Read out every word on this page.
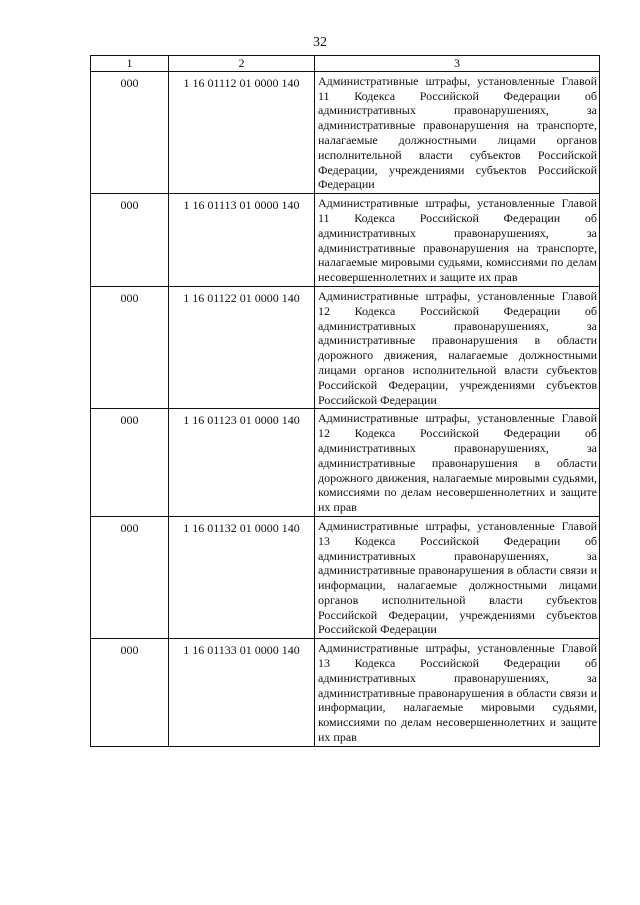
32
1	2	3
000	1 16 01112 01 0000 140	Административные штрафы, установленные Главой 11 Кодекса Российской Федерации об административных правонарушениях, за административные правонарушения на транспорте, налагаемые должностными лицами органов исполнительной власти субъектов Российской Федерации, учреждениями субъектов Российской Федерации
000	1 16 01113 01 0000 140	Административные штрафы, установленные Главой 11 Кодекса Российской Федерации об административных правонарушениях, за административные правонарушения на транспорте, налагаемые мировыми судьями, комиссиями по делам несовершеннолетних и защите их прав
000	1 16 01122 01 0000 140	Административные штрафы, установленные Главой 12 Кодекса Российской Федерации об административных правонарушениях, за административные правонарушения в области дорожного движения, налагаемые должностными лицами органов исполнительной власти субъектов Российской Федерации, учреждениями субъектов Российской Федерации
000	1 16 01123 01 0000 140	Административные штрафы, установленные Главой 12 Кодекса Российской Федерации об административных правонарушениях, за административные правонарушения в области дорожного движения, налагаемые мировыми судьями, комиссиями по делам несовершеннолетних и защите их прав
000	1 16 01132 01 0000 140	Административные штрафы, установленные Главой 13 Кодекса Российской Федерации об административных правонарушениях, за административные правонарушения в области связи и информации, налагаемые должностными лицами органов исполнительной власти субъектов Российской Федерации, учреждениями субъектов Российской Федерации
000	1 16 01133 01 0000 140	Административные штрафы, установленные Главой 13 Кодекса Российской Федерации об административных правонарушениях, за административные правонарушения в области связи и информации, налагаемые мировыми судьями, комиссиями по делам несовершеннолетних и защите их прав
